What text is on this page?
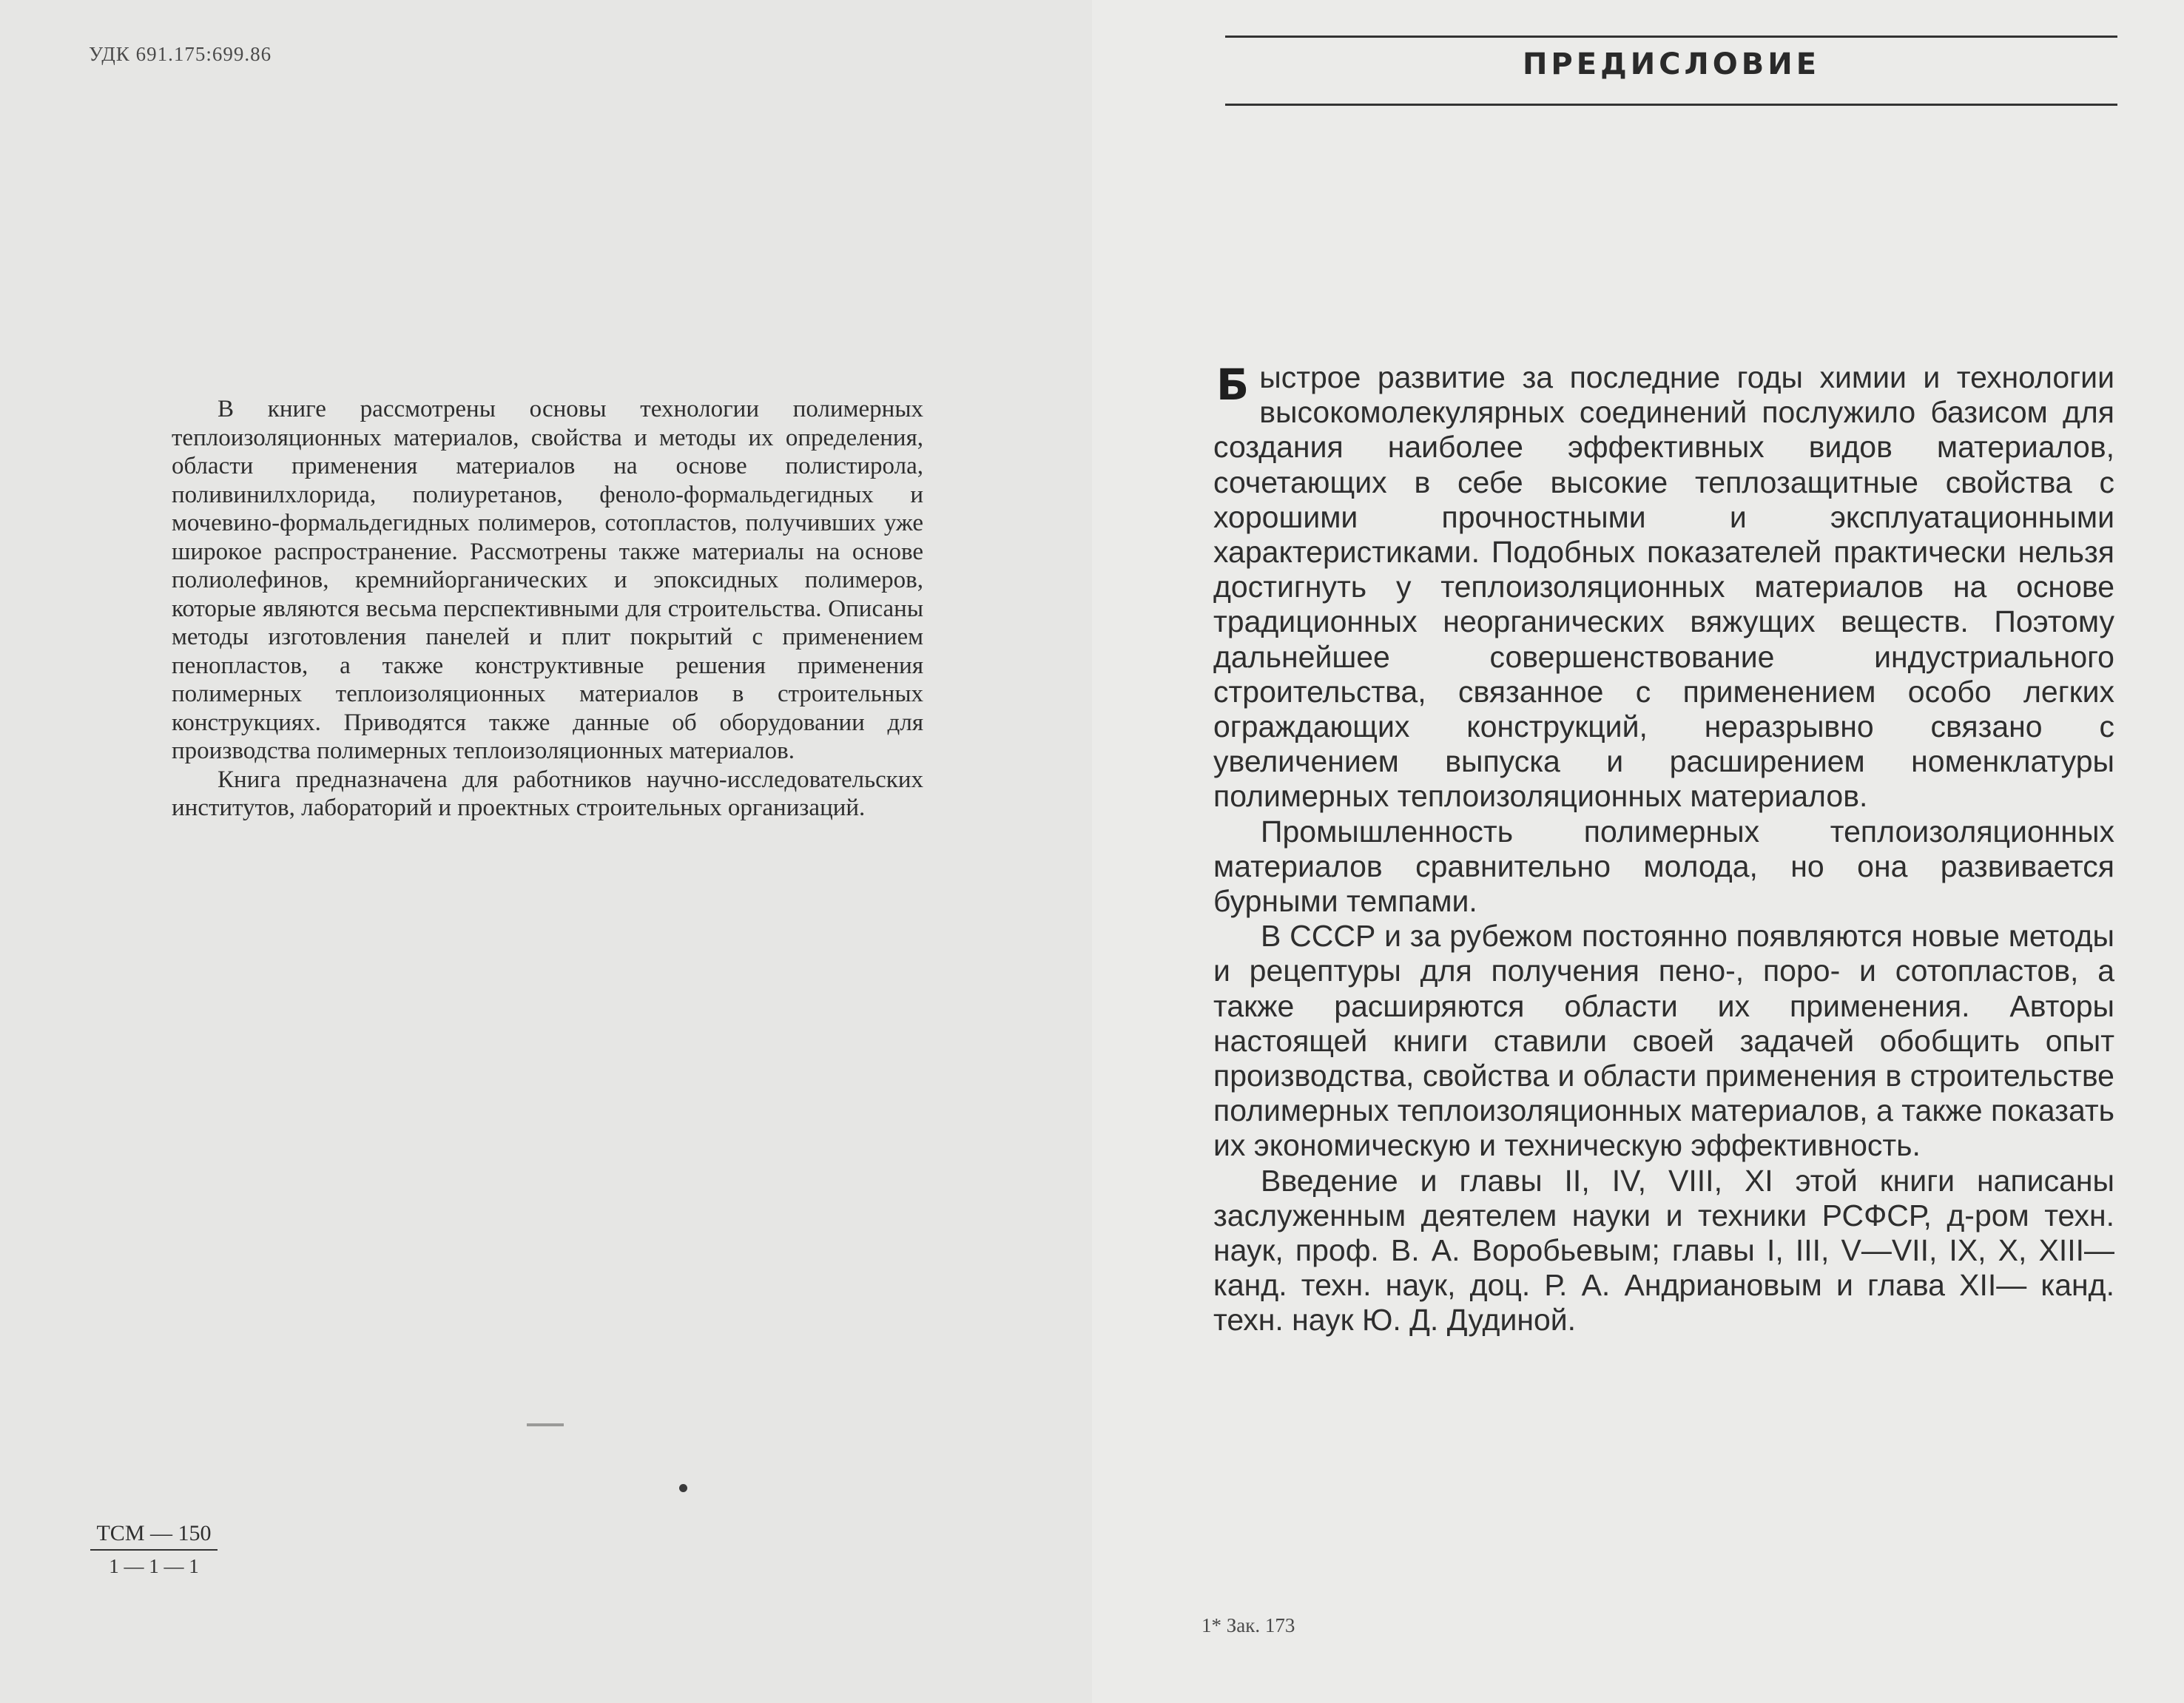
УДК 691.175:699.86

В книге рассмотрены основы технологии полимерных теплоизоляционных материалов, свойства и методы их определения, области применения материалов на основе полистирола, поливинилхлорида, полиуретанов, феноло-формальдегидных и мочевино-формальдегидных полимеров, сотопластов, получивших уже широкое распространение. Рассмотрены также материалы на основе полиолефинов, кремнийорганических и эпоксидных полимеров, которые являются весьма перспективными для строительства. Описаны методы изготовления панелей и плит покрытий с применением пенопластов, а также конструктивные решения применения полимерных теплоизоляционных материалов в строительных конструкциях. Приводятся также данные об оборудовании для производства полимерных теплоизоляционных материалов.

Книга предназначена для работников научно-исследовательских институтов, лабораторий и проектных строительных организаций.

ТСМ — 150
1 — 1 — 1
ПРЕДИСЛОВИЕ

Б ыстрое развитие за последние годы химии и технологии высокомолекулярных соединений послужило базисом для создания наиболее эффективных видов материалов, сочетающих в себе высокие теплозащитные свойства с хорошими прочностными и эксплуатационными характеристиками. Подобных показателей практически нельзя достигнуть у теплоизоляционных материалов на основе традиционных неорганических вяжущих веществ. Поэтому дальнейшее совершенствование индустриального строительства, связанное с применением особо легких ограждающих конструкций, неразрывно связано с увеличением выпуска и расширением номенклатуры полимерных теплоизоляционных материалов.

Промышленность полимерных теплоизоляционных материалов сравнительно молода, но она развивается бурными темпами.

В СССР и за рубежом постоянно появляются новые методы и рецептуры для получения пено-, поро- и сотопластов, а также расширяются области их применения. Авторы настоящей книги ставили своей задачей обобщить опыт производства, свойства и области применения в строительстве полимерных теплоизоляционных материалов, а также показать их экономическую и техническую эффективность.

Введение и главы II, IV, VIII, XI этой книги написаны заслуженным деятелем науки и техники РСФСР, д-ром техн. наук, проф. В. А. Воробьевым; главы I, III, V—VII, IX, X, XIII— канд. техн. наук, доц. Р. А. Андриановым и глава XII— канд. техн. наук Ю. Д. Дудиной.

1* Зак. 173
